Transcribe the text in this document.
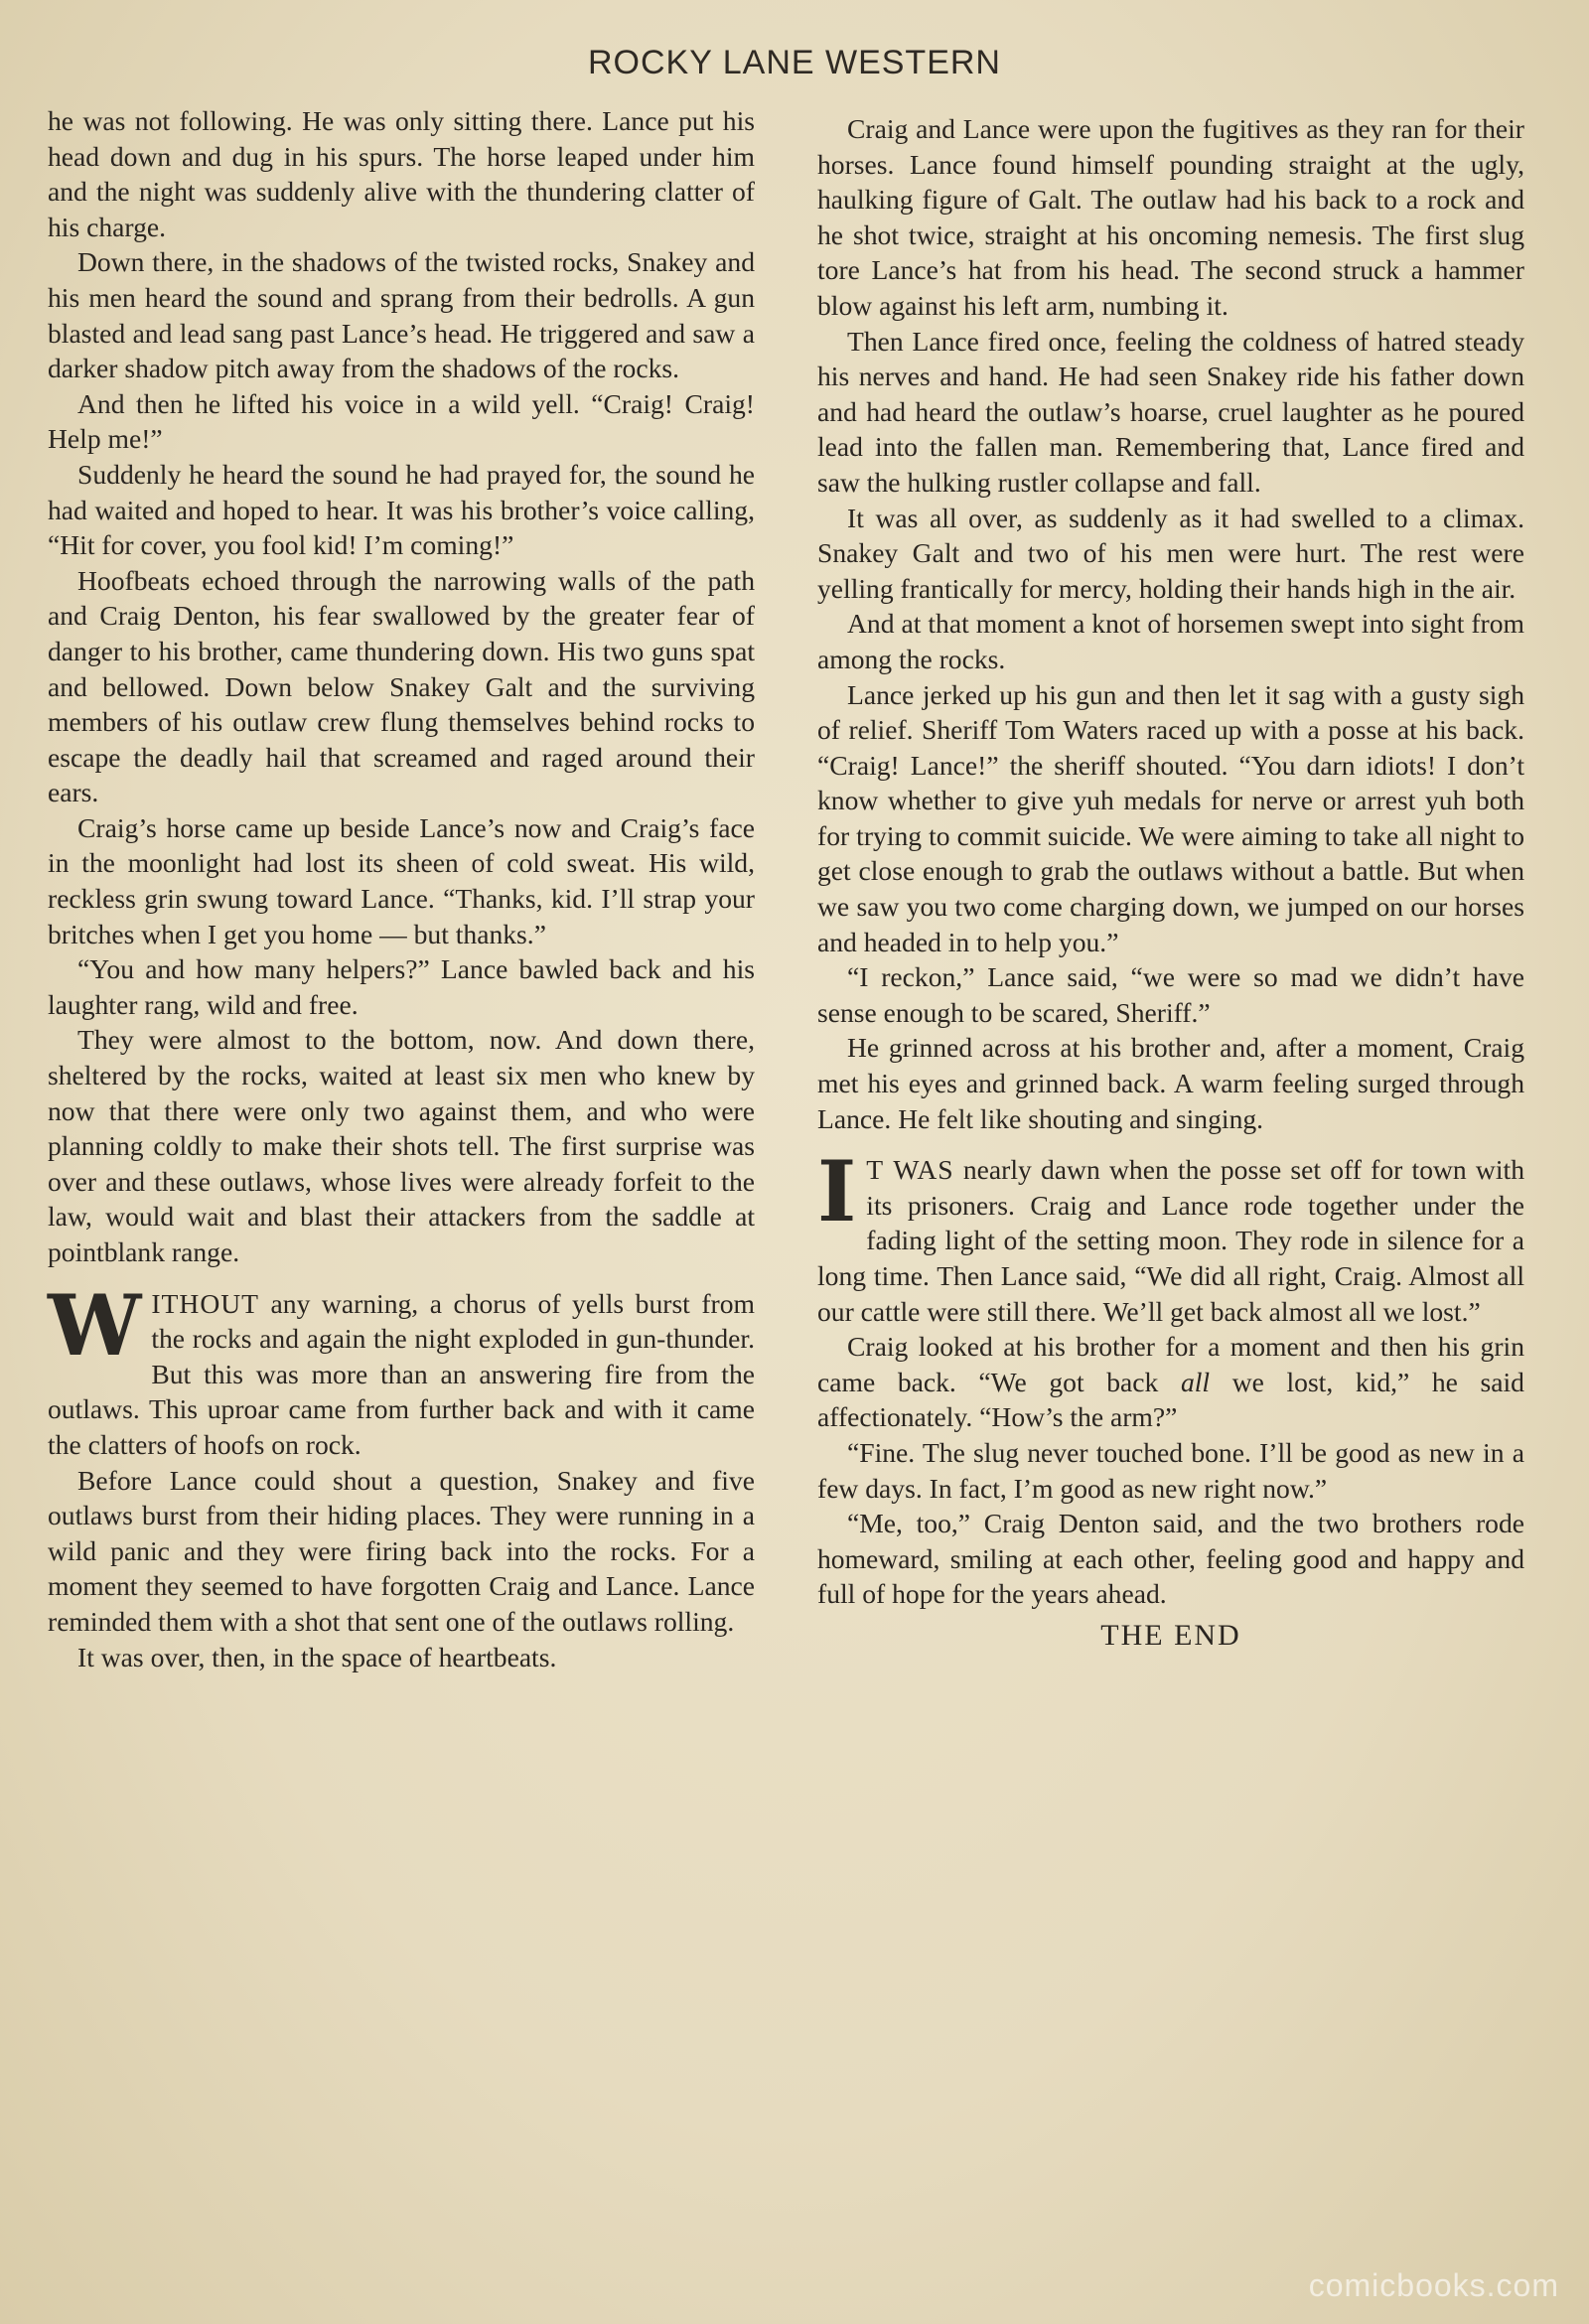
ROCKY LANE WESTERN

he was not following. He was only sitting there. Lance put his head down and dug in his spurs. The horse leaped under him and the night was suddenly alive with the thundering clatter of his charge.

Down there, in the shadows of the twisted rocks, Snakey and his men heard the sound and sprang from their bedrolls. A gun blasted and lead sang past Lance’s head. He triggered and saw a darker shadow pitch away from the shadows of the rocks.

And then he lifted his voice in a wild yell. “Craig! Craig! Help me!”

Suddenly he heard the sound he had prayed for, the sound he had waited and hoped to hear. It was his brother’s voice calling, “Hit for cover, you fool kid! I’m coming!”

Hoofbeats echoed through the narrowing walls of the path and Craig Denton, his fear swallowed by the greater fear of danger to his brother, came thundering down. His two guns spat and bellowed. Down below Snakey Galt and the surviving members of his outlaw crew flung themselves behind rocks to escape the deadly hail that screamed and raged around their ears.

Craig’s horse came up beside Lance’s now and Craig’s face in the moonlight had lost its sheen of cold sweat. His wild, reckless grin swung toward Lance. “Thanks, kid. I’ll strap your britches when I get you home — but thanks.”

“You and how many helpers?” Lance bawled back and his laughter rang, wild and free.

They were almost to the bottom, now. And down there, sheltered by the rocks, waited at least six men who knew by now that there were only two against them, and who were planning coldly to make their shots tell. The first surprise was over and these outlaws, whose lives were already forfeit to the law, would wait and blast their attackers from the saddle at pointblank range.

WITHOUT any warning, a chorus of yells burst from the rocks and again the night exploded in gun-thunder. But this was more than an answering fire from the outlaws. This uproar came from further back and with it came the clatters of hoofs on rock.

Before Lance could shout a question, Snakey and five outlaws burst from their hiding places. They were running in a wild panic and they were firing back into the rocks. For a moment they seemed to have forgotten Craig and Lance. Lance reminded them with a shot that sent one of the outlaws rolling.

It was over, then, in the space of heartbeats.

Craig and Lance were upon the fugitives as they ran for their horses. Lance found himself pounding straight at the ugly, haulking figure of Galt. The outlaw had his back to a rock and he shot twice, straight at his oncoming nemesis. The first slug tore Lance’s hat from his head. The second struck a hammer blow against his left arm, numbing it.

Then Lance fired once, feeling the coldness of hatred steady his nerves and hand. He had seen Snakey ride his father down and had heard the outlaw’s hoarse, cruel laughter as he poured lead into the fallen man. Remembering that, Lance fired and saw the hulking rustler collapse and fall.

It was all over, as suddenly as it had swelled to a climax. Snakey Galt and two of his men were hurt. The rest were yelling frantically for mercy, holding their hands high in the air.

And at that moment a knot of horsemen swept into sight from among the rocks.

Lance jerked up his gun and then let it sag with a gusty sigh of relief. Sheriff Tom Waters raced up with a posse at his back. “Craig! Lance!” the sheriff shouted. “You darn idiots! I don’t know whether to give yuh medals for nerve or arrest yuh both for trying to commit suicide. We were aiming to take all night to get close enough to grab the outlaws without a battle. But when we saw you two come charging down, we jumped on our horses and headed in to help you.”

“I reckon,” Lance said, “we were so mad we didn’t have sense enough to be scared, Sheriff.”

He grinned across at his brother and, after a moment, Craig met his eyes and grinned back. A warm feeling surged through Lance. He felt like shouting and singing.

I T WAS nearly dawn when the posse set off for town with its prisoners. Craig and Lance rode together under the fading light of the setting moon. They rode in silence for a long time. Then Lance said, “We did all right, Craig. Almost all our cattle were still there. We’ll get back almost all we lost.”

Craig looked at his brother for a moment and then his grin came back. “We got back all we lost, kid,” he said affectionately. “How’s the arm?”

“Fine. The slug never touched bone. I’ll be good as new in a few days. In fact, I’m good as new right now.”

“Me, too,” Craig Denton said, and the two brothers rode homeward, smiling at each other, feeling good and happy and full of hope for the years ahead.

THE END
comicbooks.com
